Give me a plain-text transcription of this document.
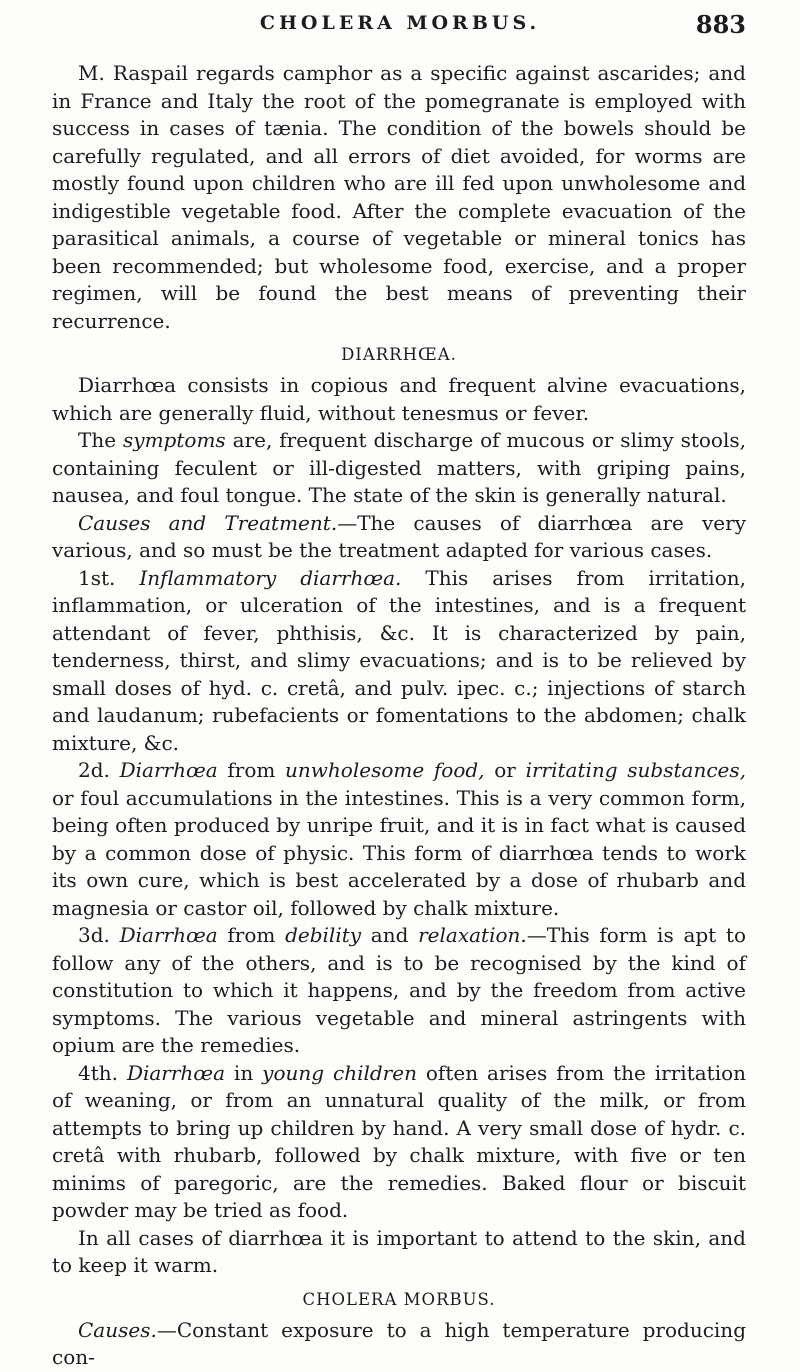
CHOLERA MORBUS.	883

M. Raspail regards camphor as a specific against ascarides; and in France and Italy the root of the pomegranate is employed with success in cases of tænia. The condition of the bowels should be carefully regulated, and all errors of diet avoided, for worms are mostly found upon children who are ill fed upon unwholesome and indigestible vegetable food. After the complete evacuation of the parasitical animals, a course of vegetable or mineral tonics has been recommended; but wholesome food, exercise, and a proper regimen, will be found the best means of preventing their recurrence.

DIARRHŒA.

Diarrhœa consists in copious and frequent alvine evacuations, which are generally fluid, without tenesmus or fever.

The symptoms are, frequent discharge of mucous or slimy stools, containing feculent or ill-digested matters, with griping pains, nausea, and foul tongue. The state of the skin is generally natural.

Causes and Treatment.—The causes of diarrhœa are very various, and so must be the treatment adapted for various cases.

1st. Inflammatory diarrhœa. This arises from irritation, inflammation, or ulceration of the intestines, and is a frequent attendant of fever, phthisis, &c. It is characterized by pain, tenderness, thirst, and slimy evacuations; and is to be relieved by small doses of hyd. c. cretâ, and pulv. ipec. c.; injections of starch and laudanum; rubefacients or fomentations to the abdomen; chalk mixture, &c.

2d. Diarrhœa from unwholesome food, or irritating substances, or foul accumulations in the intestines. This is a very common form, being often produced by unripe fruit, and it is in fact what is caused by a common dose of physic. This form of diarrhœa tends to work its own cure, which is best accelerated by a dose of rhubarb and magnesia or castor oil, followed by chalk mixture.

3d. Diarrhœa from debility and relaxation.—This form is apt to follow any of the others, and is to be recognised by the kind of constitution to which it happens, and by the freedom from active symptoms. The various vegetable and mineral astringents with opium are the remedies.

4th. Diarrhœa in young children often arises from the irritation of weaning, or from an unnatural quality of the milk, or from attempts to bring up children by hand. A very small dose of hydr. c. cretâ with rhubarb, followed by chalk mixture, with five or ten minims of paregoric, are the remedies. Baked flour or biscuit powder may be tried as food.

In all cases of diarrhœa it is important to attend to the skin, and to keep it warm.

CHOLERA MORBUS.

Causes.—Constant exposure to a high temperature producing con-
